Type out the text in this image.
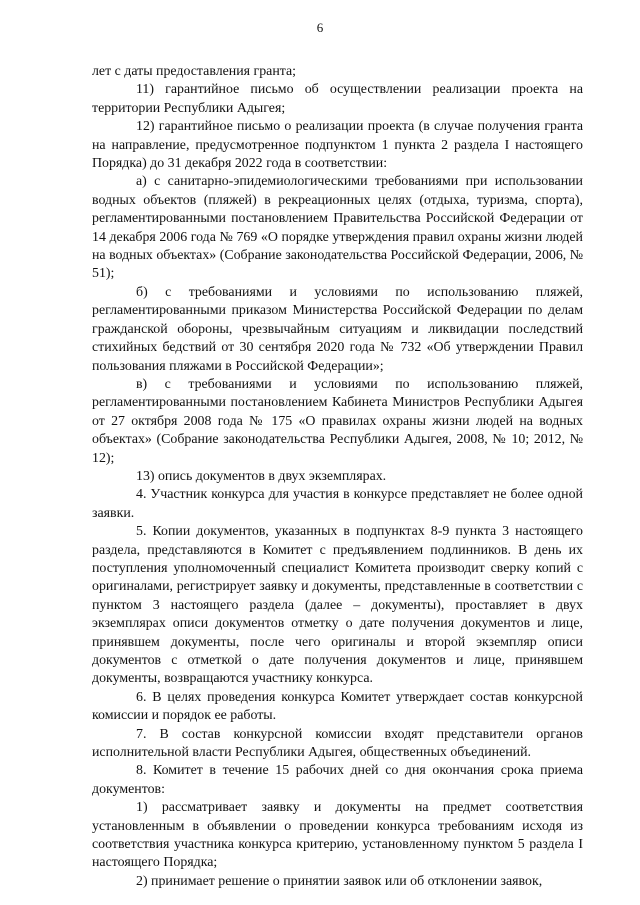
6

лет с даты предоставления гранта;

11) гарантийное письмо об осуществлении реализации проекта на территории Республики Адыгея;

12) гарантийное письмо о реализации проекта (в случае получения гранта на направление, предусмотренное подпунктом 1 пункта 2 раздела I настоящего Порядка) до 31 декабря 2022 года в соответствии:

а) с санитарно-эпидемиологическими требованиями при использовании водных объектов (пляжей) в рекреационных целях (отдыха, туризма, спорта), регламентированными постановлением Правительства Российской Федерации от 14 декабря 2006 года № 769 «О порядке утверждения правил охраны жизни людей на водных объектах» (Собрание законодательства Российской Федерации, 2006, № 51);

б) с требованиями и условиями по использованию пляжей, регламентированными приказом Министерства Российской Федерации по делам гражданской обороны, чрезвычайным ситуациям и ликвидации последствий стихийных бедствий от 30 сентября 2020 года № 732 «Об утверждении Правил пользования пляжами в Российской Федерации»;

в) с требованиями и условиями по использованию пляжей, регламентированными постановлением Кабинета Министров Республики Адыгея от 27 октября 2008 года № 175 «О правилах охраны жизни людей на водных объектах» (Собрание законодательства Республики Адыгея, 2008, № 10; 2012, № 12);

13) опись документов в двух экземплярах.

4. Участник конкурса для участия в конкурсе представляет не более одной заявки.

5. Копии документов, указанных в подпунктах 8-9 пункта 3 настоящего раздела, представляются в Комитет с предъявлением подлинников. В день их поступления уполномоченный специалист Комитета производит сверку копий с оригиналами, регистрирует заявку и документы, представленные в соответствии с пунктом 3 настоящего раздела (далее – документы), проставляет в двух экземплярах описи документов отметку о дате получения документов и лице, принявшем документы, после чего оригиналы и второй экземпляр описи документов с отметкой о дате получения документов и лице, принявшем документы, возвращаются участнику конкурса.

6. В целях проведения конкурса Комитет утверждает состав конкурсной комиссии и порядок ее работы.

7. В состав конкурсной комиссии входят представители органов исполнительной власти Республики Адыгея, общественных объединений.

8. Комитет в течение 15 рабочих дней со дня окончания срока приема документов:

1) рассматривает заявку и документы на предмет соответствия установленным в объявлении о проведении конкурса требованиям исходя из соответствия участника конкурса критерию, установленному пунктом 5 раздела I настоящего Порядка;

2) принимает решение о принятии заявок или об отклонении заявок,
